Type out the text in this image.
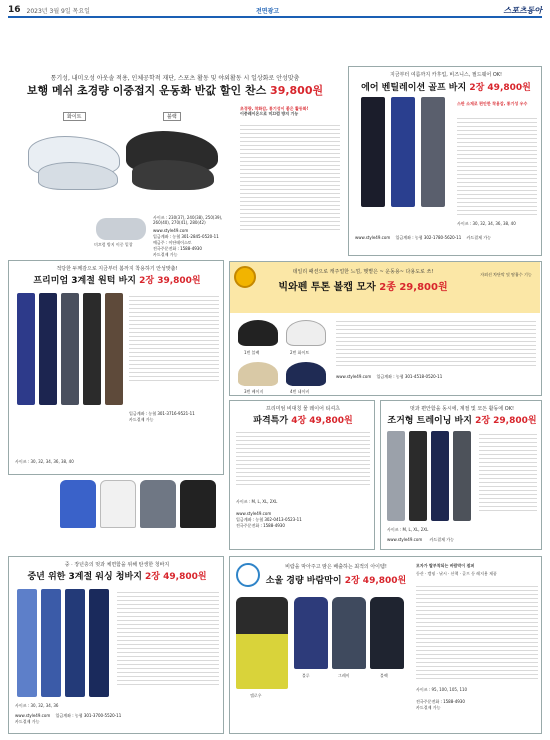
16 2023년 3월 9일 목요일	전면광고	스포츠동아
통기성, 내미오성 아웃솔 적용, 인체공학적 재단, 스포츠 활동 및 야외활동 시 일상화로 안성맞춤
보행 메쉬 초경량 이중접지 운동화 반값 할인 찬스 39,800원
화이트	블랙
미끄럼 방지 이중 밑창
사이즈 : 230(37), 240(38), 250(39), 260(40), 270(41), 280(42)
www.style49.com
입금계좌 : 농협 301-2845-0520-11
예금주 : 이단테이스토
전국주문전화 : 1588-4930
카드결제 가능
초경량, 착화감, 통기성이 좋은 활동화!
이중레이온으로 미끄럼 방지 기능
지금부터 여름까지 카후업, 비즈니스, 필드웨어 OK!
에어 벤틸레이션 골프 바지 2장 49,800원
스판 소재로 편안한 착용감, 통기성 우수
사이즈 : 30, 32, 34, 36, 38, 40
www.style49.com 입금계좌 : 농협 302-1780-5620-11 카드결제 가능
적당한 두께감으로 지금부터 봄까지 착용하기 안성맞춤!
프리미엄 3계절 원턱 바지 2장 39,800원
사이즈 : 30, 32, 34, 36, 38, 40
입금계좌 : 농협 301-3716-9521-11
카드결제 가능
데일리 패션으로 캐주얼한 느낌, 햇볕은 ~ 운동용~ 다용도로 쓰!
빅와펜 투톤 볼캡 모자 2종 29,800원
자외선 차단막 및 땀흡수 기능
1번 블랙	2번 화이트
3번 베이지	4번 네이비
www.style49.com 입금계좌 : 농협 301-4518-0520-11
프리미엄 비대칭 물 레이어 티셔츠
파격특가 4장 49,800원
사이즈 : M, L, XL, 2XL
www.style49.com
입금계좌 : 농협 302-0413-0523-11
전국주문전화 : 1588-4930
멋과 편안함을 동시에, 계절 및 모든 활동에 OK!
조거형 트레이닝 바지 2장 29,800원
사이즈 : M, L, XL, 2XL
www.style49.com 카드결제 가능
중 · 장년층의 멋과 체면함을 위해 탄생한 청바지
중년 위한 3계절 워싱 청바지 2장 49,800원
사이즈 : 30, 32, 34, 36
www.style49.com 입금계좌 : 농협 301-3700-5520-11
카드결제 가능
비람을 막아주고 땀은 배출하는 최적의 아이템!
소울 경량 바람막이 2장 49,800원
옐로우
블루	그레이	블랙
모자가 탈부착되는 바람막이 점퍼
등산 · 캠핑 · 낚시 · 산책 · 골프 등 레저용 제품
사이즈 : 95, 100, 105, 110
전국주문전화 : 1588-4930
카드결제 가능
